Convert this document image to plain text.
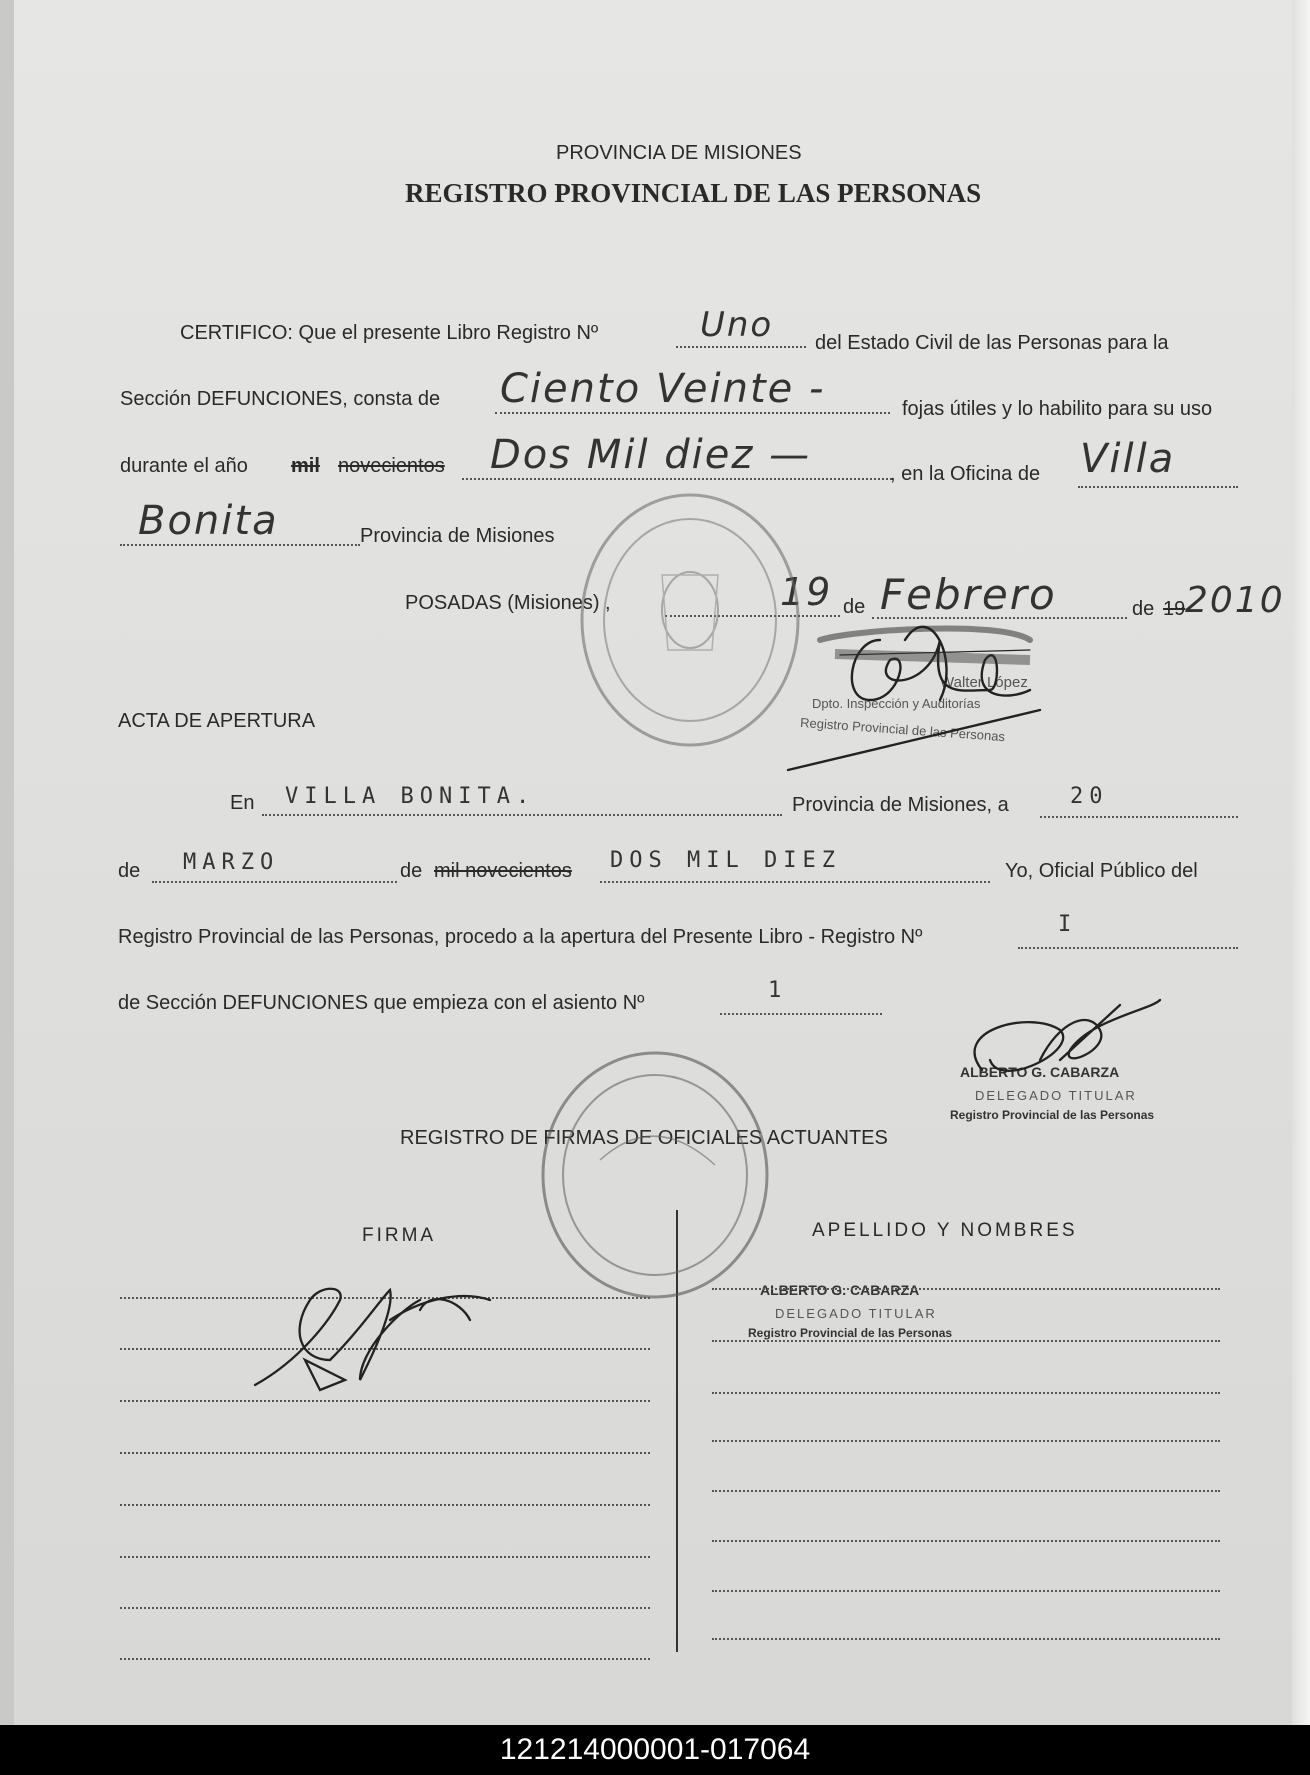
PROVINCIA DE MISIONES
REGISTRO PROVINCIAL DE LAS PERSONAS
CERTIFICO: Que el presente Libro Registro Nº	Uno del Estado Civil de las Personas para la
Sección DEFUNCIONES, consta de Ciento Veinte -	fojas útiles y lo habilito para su uso
durante el año mil novecientos Dos Mil diez —	, en la Oficina de Villa
Bonita	Provincia de Misiones
POSADAS (Misiones) ,	19 de Febrero	de 19 2010
Walter López
Dpto. Inspección y Auditorías
Registro Provincial de las Personas
ACTA DE APERTURA
En VILLA BONITA.	Provincia de Misiones, a	20
de MARZO	de mil novecientos DOS MIL DIEZ	Yo, Oficial Público del
Registro Provincial de las Personas, procedo a la apertura del Presente Libro - Registro Nº	I
de Sección DEFUNCIONES que empieza con el asiento Nº	1
ALBERTO G. CABARZA
DELEGADO TITULAR
Registro Provincial de las Personas
REGISTRO DE FIRMAS DE OFICIALES ACTUANTES
FIRMA	APELLIDO Y NOMBRES
ALBERTO G. CABARZA
DELEGADO TITULAR
Registro Provincial de las Personas
121214000001-017064
